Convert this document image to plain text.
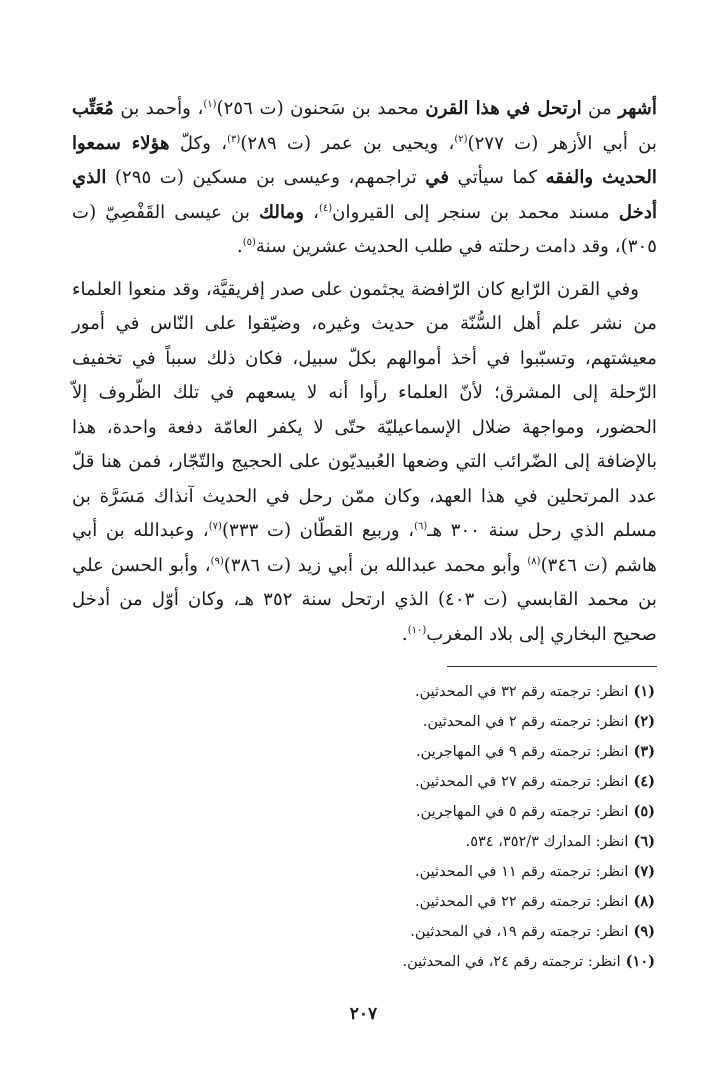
أشهر من ارتحل في هذا القرن محمد بن سَحنون (ت ٢٥٦)$^{(١)}$، وأحمد بن مُعَتِّب بن أبي الأزهر (ت ٢٧٧)$^{(٢)}$، ويحيى بن عمر (ت ٢٨٩)$^{(٣)}$، وكلّ هؤلاء سمعوا الحديث والفقه كما سيأتي في تراجمهم، وعيسى بن مسكين (ت ٢٩٥) الذي أدخل مسند محمد بن سنجر إلى القيروان$^{(٤)}$، ومالك بن عيسى القَفْصِيّ (ت ٣٠٥)، وقد دامت رحلته في طلب الحديث عشرين سنة$^{(٥)}$.

وفي القرن الرّابع كان الرّافضة يجثمون على صدر إفريقيَّة، وقد منعوا العلماء من نشر علم أهل السُّنّة من حديث وغيره، وضيّقوا على النّاس في أمور معيشتهم، وتسبّبوا في أخذ أموالهم بكلّ سبيل، فكان ذلك سبباً في تخفيف الرّحلة إلى المشرق؛ لأنّ العلماء رأوا أنه لا يسعهم في تلك الظّروف إلاّ الحضور، ومواجهة ضلال الإسماعيليّة حتّى لا يكفر العامّة دفعة واحدة، هذا بالإضافة إلى الضّرائب التي وضعها العُبيديّون على الحجيج والتّجّار، فمن هنا قلّ عدد المرتحلين في هذا العهد، وكان ممّن رحل في الحديث آنذاك مَسَرَّة بن مسلم الذي رحل سنة ٣٠٠ هـ$^{(٦)}$، وربيع القطّان (ت ٣٣٣)$^{(٧)}$، وعبدالله بن أبي هاشم (ت ٣٤٦)$^{(٨)}$ وأبو محمد عبدالله بن أبي زيد (ت ٣٨٦)$^{(٩)}$، وأبو الحسن علي بن محمد القابسي (ت ٤٠٣) الذي ارتحل سنة ٣٥٢ هـ، وكان أوّل من أدخل صحيح البخاري إلى بلاد المغرب$^{(١٠)}$.

(١)انظر: ترجمته رقم ٣٢ في المحدثين.
(٢)انظر: ترجمته رقم ٢ في المحدثين.
(٣)انظر: ترجمته رقم ٩ في المهاجرين.
(٤)انظر: ترجمته رقم ٢٧ في المحدثين.
(٥)انظر: ترجمته رقم ٥ في المهاجرين.
(٦)انظر: المدارك ٣٥٢/٣، ٥٣٤.
(٧)انظر: ترجمته رقم ١١ في المحدثين.
(٨)انظر: ترجمته رقم ٢٢ في المحدثين.
(٩)انظر: ترجمته رقم ١٩، في المحدثين.
(١٠)انظر: ترجمته رقم ٢٤، في المحدثين.
٢٠٧
